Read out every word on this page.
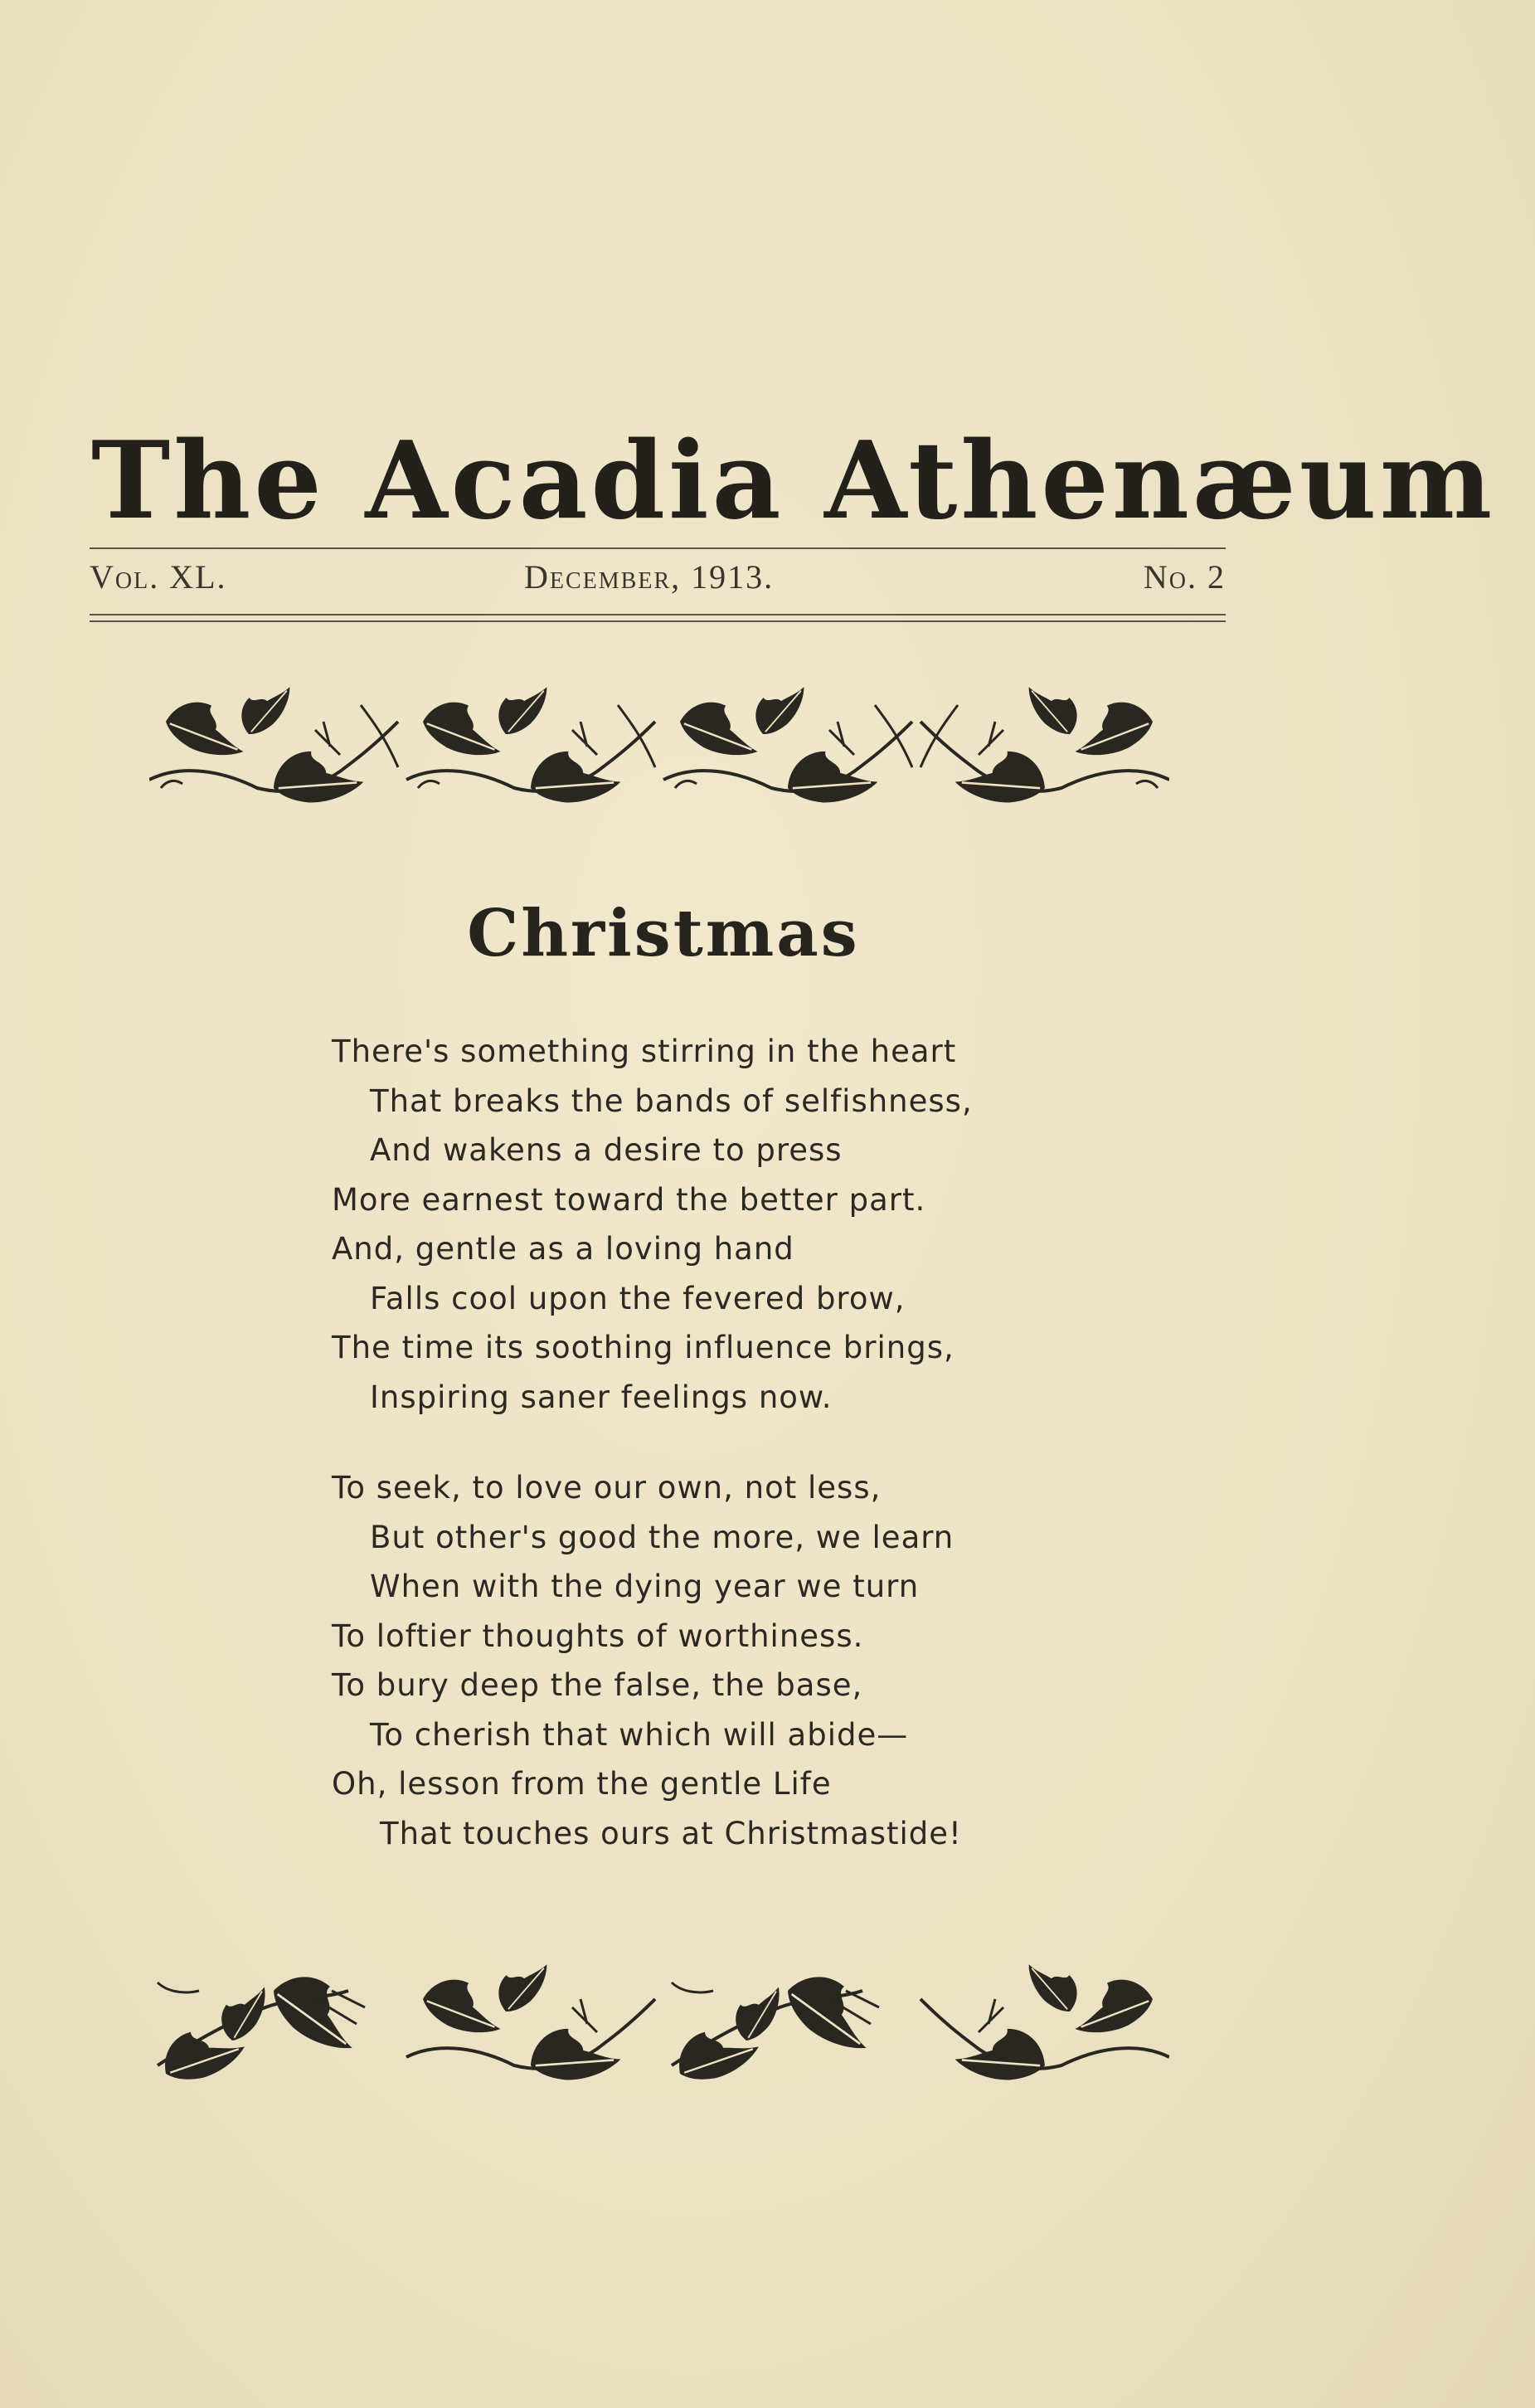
The Acadia Athenæum
Vol. XL.	December, 1913.	No. 2
Christmas
There's something stirring in the heart
That breaks the bands of selfishness,
And wakens a desire to press
More earnest toward the better part.
And, gentle as a loving hand
Falls cool upon the fevered brow,
The time its soothing influence brings,
Inspiring saner feelings now.
To seek, to love our own, not less,
But other's good the more, we learn
When with the dying year we turn
To loftier thoughts of worthiness.
To bury deep the false, the base,
To cherish that which will abide—
Oh, lesson from the gentle Life
That touches ours at Christmastide!
